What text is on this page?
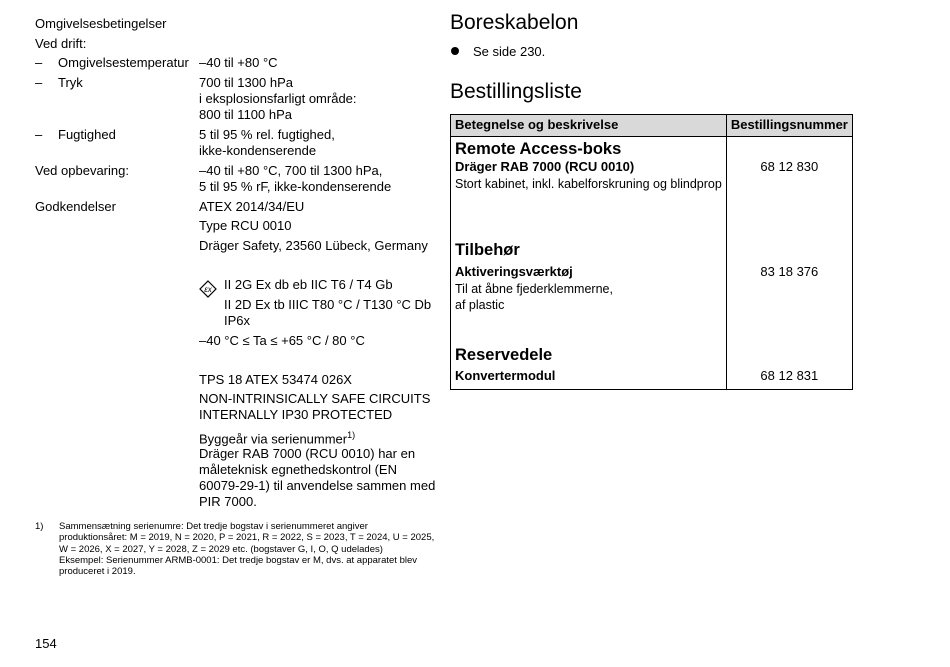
Omgivelsesbetingelser
Ved drift:
– Omgivelsestemperatur –40 til +80 °C
– Tryk	700 til 1300 hPa
i eksplosionsfarligt område:
800 til 1100 hPa
– Fugtighed	5 til 95 % rel. fugtighed,
ikke-kondenserende
Ved opbevaring:	–40 til +80 °C, 700 til 1300 hPa,
5 til 95 % rF, ikke-kondenserende
Godkendelser	ATEX 2014/34/EU
Type RCU 0010
Dräger Safety, 23560 Lübeck, Germany
εx II 2G Ex db eb IIC T6 / T4 Gb
II 2D Ex tb IIIC T80 °C / T130 °C Db
IP6x
–40 °C ≤ Ta ≤ +65 °C / 80 °C
TPS 18 ATEX 53474 026X
NON-INTRINSICALLY SAFE CIRCUITS
INTERNALLY IP30 PROTECTED
Byggeår via serienummer$^{1)}$
Dräger RAB 7000 (RCU 0010) har en
måleteknisk egnethedskontrol (EN
60079-29-1) til anvendelse sammen med
PIR 7000.
1) Sammensætning serienumre: Det tredje bogstav i serienummeret angiver
produktionsåret: M = 2019, N = 2020, P = 2021, R = 2022, S = 2023, T = 2024, U = 2025,
W = 2026, X = 2027, Y = 2028, Z = 2029 etc. (bogstaver G, I, O, Q udelades)
Eksempel: Serienummer ARMB-0001: Det tredje bogstav er M, dvs. at apparatet blev
produceret i 2019.
154
Boreskabelon
Se side 230.
Bestillingsliste
Betegnelse og beskrivelse	Bestillingsnummer

Remote Access-boks
Dräger RAB 7000 (RCU 0010)
Stort kabinet, inkl. kabelforskruning og blindprop	68 12 830

Tilbehør
Aktiveringsværktøj
Til at åbne fjederklemmerne,
af plastic	83 18 376

Reservedele
Konvertermodul	68 12 831
